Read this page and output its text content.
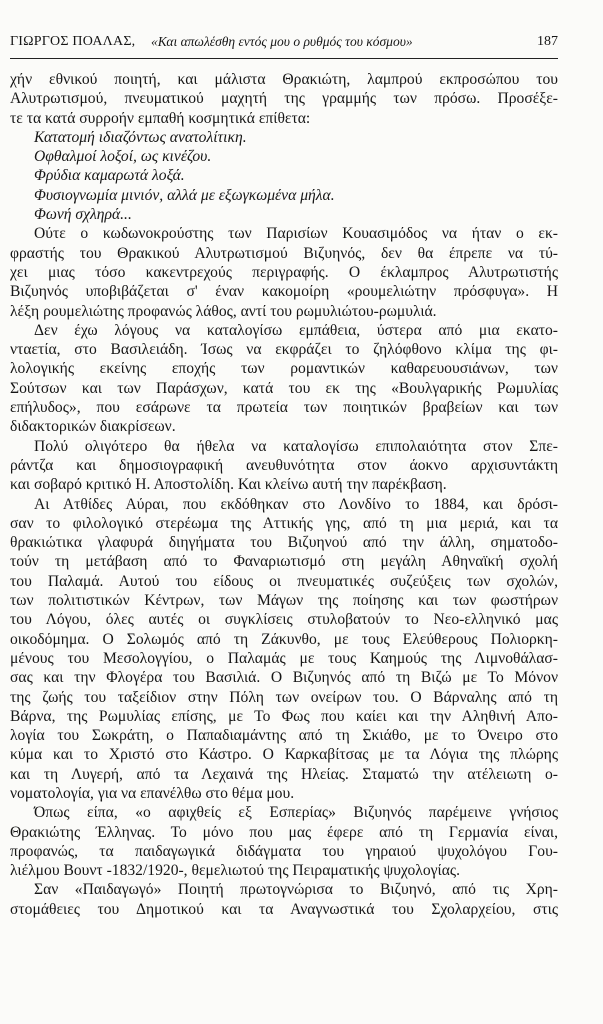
ΓΙΩΡΓΟΣ ΠΟΑΛΑΣ, «Και απωλέσθη εντός μου ο ρυθμός του κόσμου»	187
χήν εθνικού ποιητή, και μάλιστα Θρακιώτη, λαμπρού εκπροσώπου του
Αλυτρωτισμού, πνευματικού μαχητή της γραμμής των πρόσω. Προσέξε-
τε τα κατά συρροήν εμπαθή κοσμητικά επίθετα:
Κατατομή ιδιαζόντως ανατολίτικη.
Οφθαλμοί λοξοί, ως κινέζου.
Φρύδια καμαρωτά λοξά.
Φυσιογνωμία μινιόν, αλλά με εξωγκωμένα μήλα.
Φωνή σχληρά...
Ούτε ο κωδωνοκρούστης των Παρισίων Κουασιμόδος να ήταν ο εκ-
φραστής του Θρακικού Αλυτρωτισμού Βιζυηνός, δεν θα έπρεπε να τύ-
χει μιας τόσο κακεντρεχούς περιγραφής. Ο έκλαμπρος Αλυτρωτιστής
Βιζυηνός υποβιβάζεται σ' έναν κακομοίρη «ρουμελιώτην πρόσφυγα». Η
λέξη ρουμελιώτης προφανώς λάθος, αντί του ρωμυλιώτου-ρωμυλιά.
Δεν έχω λόγους να καταλογίσω εμπάθεια, ύστερα από μια εκατο-
νταετία, στο Βασιλειάδη. Ίσως να εκφράζει το ζηλόφθονο κλίμα της φι-
λολογικής εκείνης εποχής των ρομαντικών καθαρευουσιάνων, των
Σούτσων και των Παράσχων, κατά του εκ της «Βουλγαρικής Ρωμυλίας
επήλυδος», που εσάρωνε τα πρωτεία των ποιητικών βραβείων και των
διδακτορικών διακρίσεων.
Πολύ ολιγότερο θα ήθελα να καταλογίσω επιπολαιότητα στον Σπε-
ράντζα και δημοσιογραφική ανευθυνότητα στον άοκνο αρχισυντάκτη
και σοβαρό κριτικό Η. Αποστολίδη. Και κλείνω αυτή την παρέκβαση.
Αι Ατθίδες Αύραι, που εκδόθηκαν στο Λονδίνο το 1884, και δρόσι-
σαν το φιλολογικό στερέωμα της Αττικής γης, από τη μια μεριά, και τα
θρακιώτικα γλαφυρά διηγήματα του Βιζυηνού από την άλλη, σηματοδο-
τούν τη μετάβαση από το Φαναριωτισμό στη μεγάλη Αθηναϊκή σχολή
του Παλαμά. Αυτού του είδους οι πνευματικές συζεύξεις των σχολών,
των πολιτιστικών Κέντρων, των Μάγων της ποίησης και των φωστήρων
του Λόγου, όλες αυτές οι συγκλίσεις στυλοβατούν το Νεο-ελληνικό μας
οικοδόμημα. Ο Σολωμός από τη Ζάκυνθο, με τους Ελεύθερους Πολιορκη-
μένους του Μεσολογγίου, ο Παλαμάς με τους Καημούς της Λιμνοθάλασ-
σας και την Φλογέρα του Βασιλιά. Ο Βιζυηνός από τη Βιζώ με Το Μόνον
της ζωής του ταξείδιον στην Πόλη των ονείρων του. Ο Βάρναλης από τη
Βάρνα, της Ρωμυλίας επίσης, με Το Φως που καίει και την Αληθινή Απο-
λογία του Σωκράτη, ο Παπαδιαμάντης από τη Σκιάθο, με το Όνειρο στο
κύμα και το Χριστό στο Κάστρο. Ο Καρκαβίτσας με τα Λόγια της πλώρης
και τη Λυγερή, από τα Λεχαινά της Ηλείας. Σταματώ την ατέλειωτη ο-
νοματολογία, για να επανέλθω στο θέμα μου.
Όπως είπα, «ο αφιχθείς εξ Εσπερίας» Βιζυηνός παρέμεινε γνήσιος
Θρακιώτης Έλληνας. Το μόνο που μας έφερε από τη Γερμανία είναι,
προφανώς, τα παιδαγωγικά διδάγματα του γηραιού ψυχολόγου Γου-
λιέλμου Βουντ -1832/1920-, θεμελιωτού της Πειραματικής ψυχολογίας.
Σαν «Παιδαγωγό» Ποιητή πρωτογνώρισα το Βιζυηνό, από τις Χρη-
στομάθειες του Δημοτικού και τα Αναγνωστικά του Σχολαρχείου, στις
